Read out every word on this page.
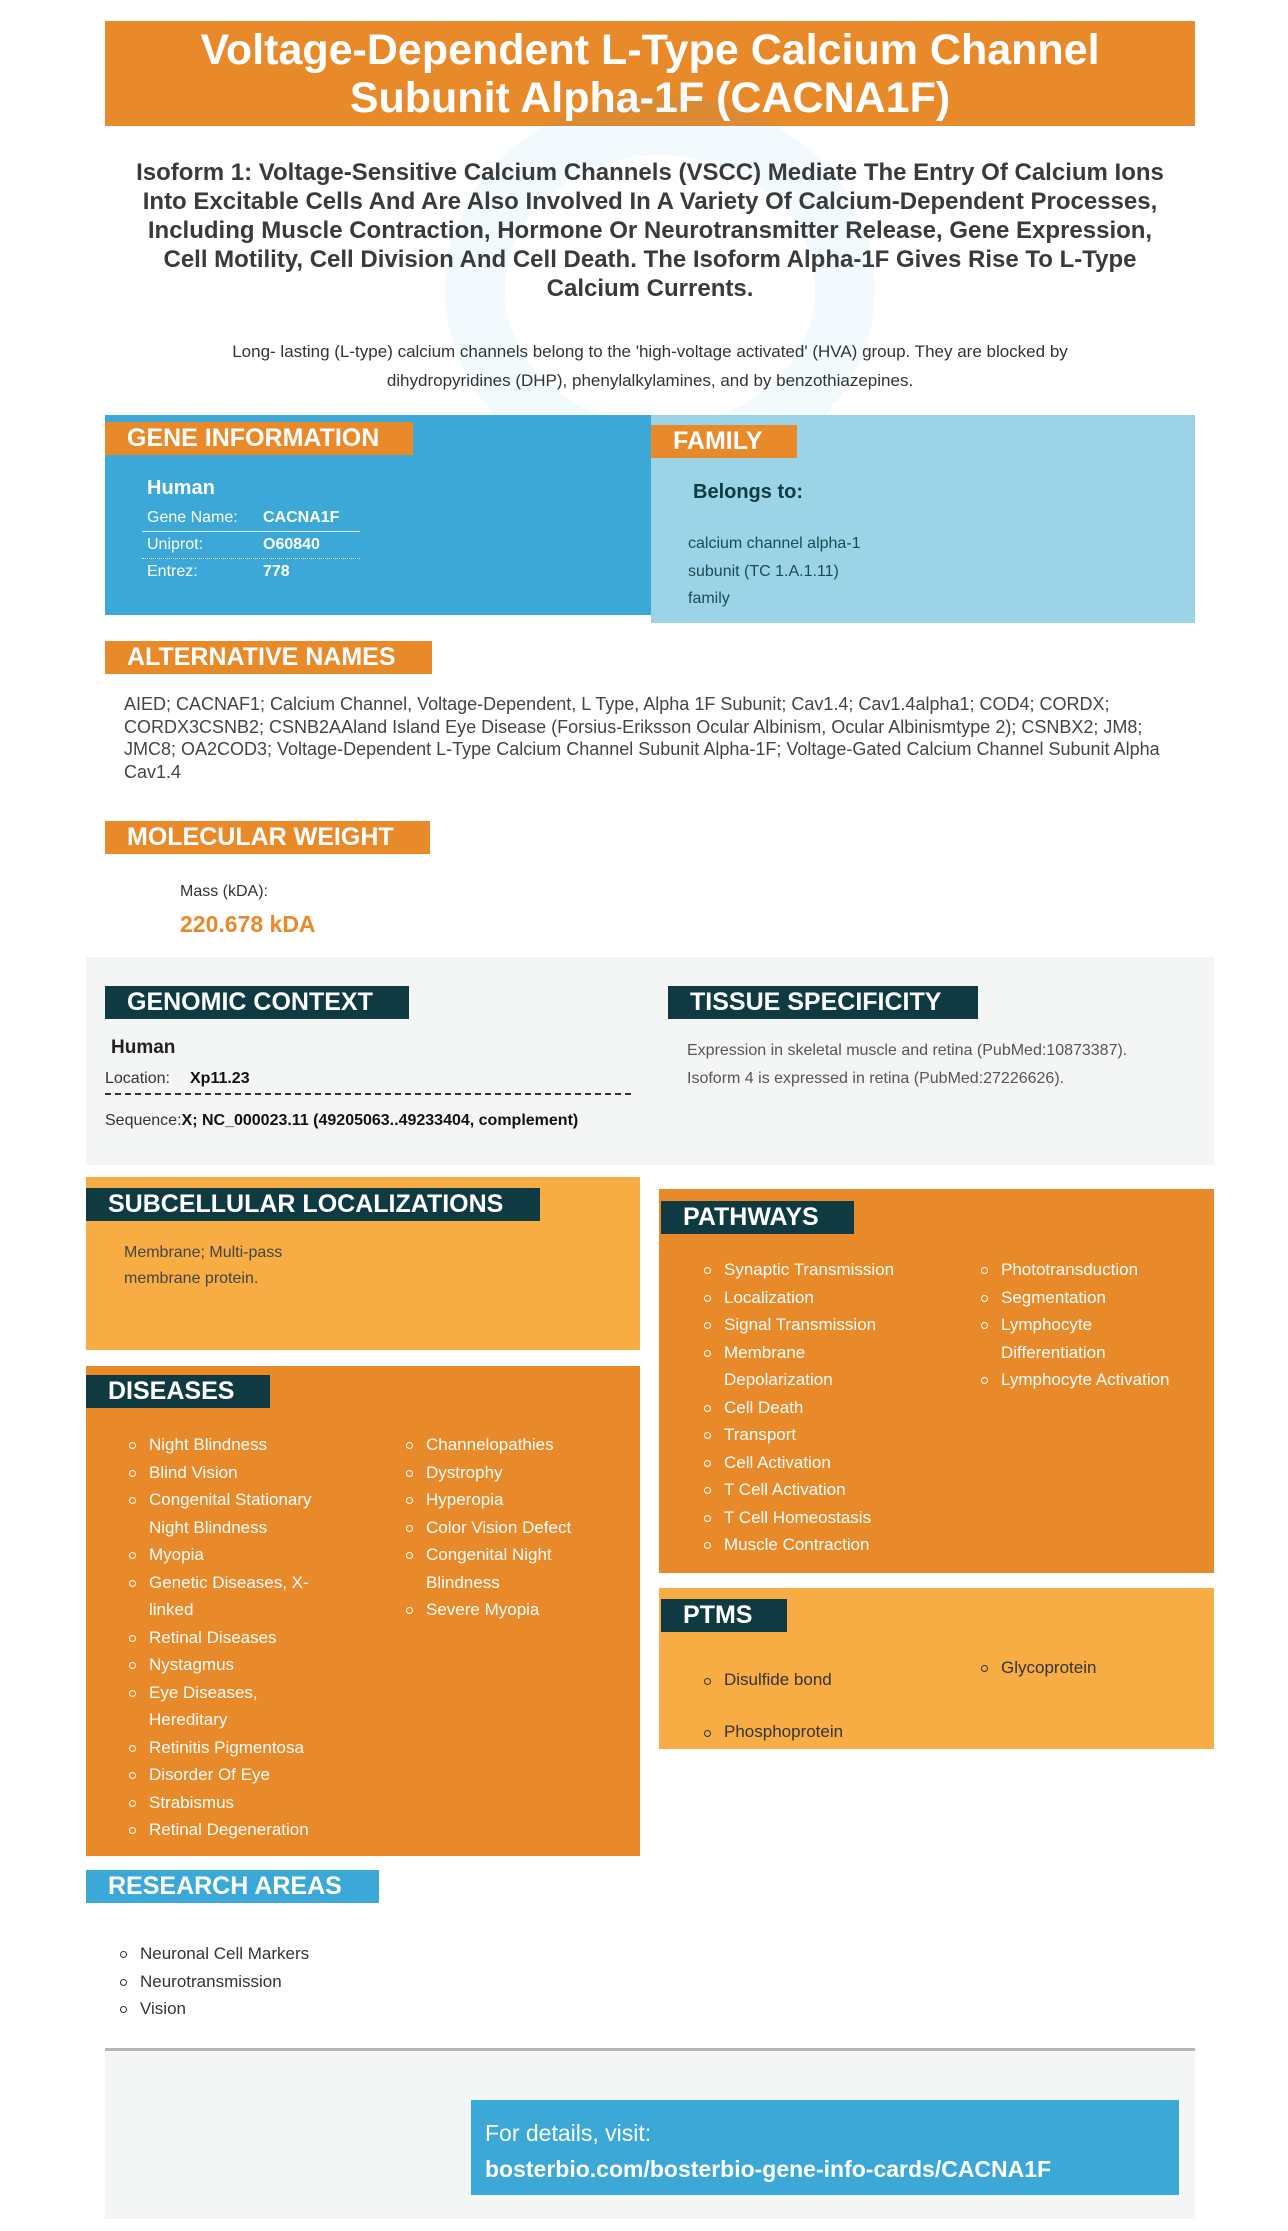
Voltage-Dependent L-Type Calcium Channel
Subunit Alpha-1F (CACNA1F)
Isoform 1: Voltage-Sensitive Calcium Channels (VSCC) Mediate The Entry Of Calcium Ions Into Excitable Cells And Are Also Involved In A Variety Of Calcium-Dependent Processes, Including Muscle Contraction, Hormone Or Neurotransmitter Release, Gene Expression, Cell Motility, Cell Division And Cell Death. The Isoform Alpha-1F Gives Rise To L-Type Calcium Currents.
Long- lasting (L-type) calcium channels belong to the 'high-voltage activated' (HVA) group. They are blocked by dihydropyridines (DHP), phenylalkylamines, and by benzothiazepines.
GENE INFORMATION
Human
Gene Name: CACNA1F
Uniprot:	O60840
Entrez:	778
FAMILY
Belongs to:
calcium channel alpha-1
subunit (TC 1.A.1.11)
family
ALTERNATIVE NAMES
AIED; CACNAF1; Calcium Channel, Voltage-Dependent, L Type, Alpha 1F Subunit; Cav1.4; Cav1.4alpha1; COD4; CORDX; CORDX3CSNB2; CSNB2AAland Island Eye Disease (Forsius-Eriksson Ocular Albinism, Ocular Albinismtype 2); CSNBX2; JM8; JMC8; OA2COD3; Voltage-Dependent L-Type Calcium Channel Subunit Alpha-1F; Voltage-Gated Calcium Channel Subunit Alpha Cav1.4
MOLECULAR WEIGHT
Mass (kDA):
220.678 kDA
GENOMIC CONTEXT
Human
Location: Xp11.23
Sequence:X; NC_000023.11 (49205063..49233404, complement)
TISSUE SPECIFICITY
Expression in skeletal muscle and retina (PubMed:10873387).
Isoform 4 is expressed in retina (PubMed:27226626).
SUBCELLULAR LOCALIZATIONS
Membrane; Multi-pass
membrane protein.
PATHWAYS
Synaptic Transmission
Localization
Signal Transmission
Membrane Depolarization
Cell Death
Transport
Cell Activation
T Cell Activation
T Cell Homeostasis
Muscle Contraction
Phototransduction
Segmentation
Lymphocyte Differentiation
Lymphocyte Activation
DISEASES
Night Blindness
Blind Vision
Congenital Stationary Night Blindness
Myopia
Genetic Diseases, X-linked
Retinal Diseases
Nystagmus
Eye Diseases, Hereditary
Retinitis Pigmentosa
Disorder Of Eye
Strabismus
Retinal Degeneration
Channelopathies
Dystrophy
Hyperopia
Color Vision Defect
Congenital Night Blindness
Severe Myopia	PTMS
Disulfide bond
Phosphoprotein
Glycoprotein
RESEARCH AREAS
Neuronal Cell Markers
Neurotransmission
Vision
For details, visit:
bosterbio.com/bosterbio-gene-info-cards/CACNA1F
